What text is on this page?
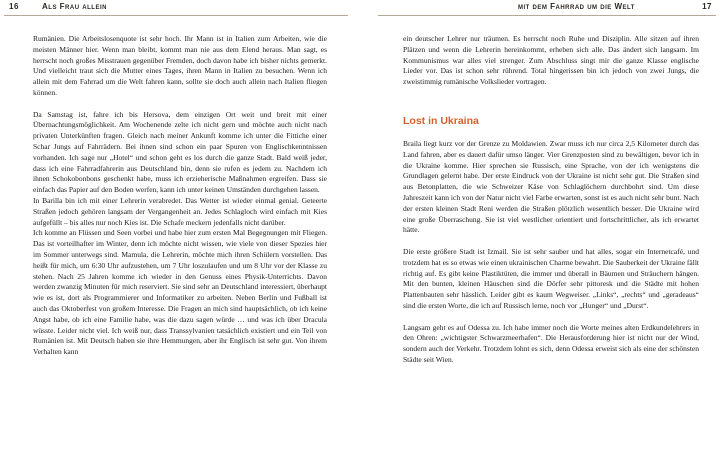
16	Als Frau allein	mit dem Fahrrad um die Welt	17

Rumänien. Die Arbeitslosenquote ist sehr hoch. Ihr Mann ist in Italien zum Arbeiten, wie die meisten Männer hier. Wenn man bleibt, kommt man nie aus dem Elend heraus. Man sagt, es herrscht noch großes Misstrauen gegenüber Fremden, doch davon habe ich bisher nichts gemerkt. Und vielleicht traut sich die Mutter eines Tages, ihren Mann in Italien zu besuchen. Wenn ich allein mit dem Fahrrad um die Welt fahren kann, sollte sie doch auch allein nach Italien fliegen können.

Da Samstag ist, fahre ich bis Hersova, dem einzigen Ort weit und breit mit einer Übernachtungsmöglichkeit. Am Wochenende zelte ich nicht gern und möchte auch nicht nach privaten Unterkünften fragen. Gleich nach meiner Ankunft komme ich unter die Fittiche einer Schar Jungs auf Fahrrädern. Bei ihnen sind schon ein paar Spuren von Englischkenntnissen vorhanden. Ich sage nur „Hotel“ und schon geht es los durch die ganze Stadt. Bald weiß jeder, dass ich eine Fahrradfahrerin aus Deutschland bin, denn sie rufen es jedem zu. Nachdem ich ihnen Schokobonbons geschenkt habe, muss ich erzieherische Maßnahmen ergreifen. Dass sie einfach das Papier auf den Boden werfen, kann ich unter keinen Umständen durchgehen lassen.

In Barilla bin ich mit einer Lehrerin verabredet. Das Wetter ist wieder einmal genial. Geteerte Straßen jedoch gehören langsam der Vergangenheit an. Jedes Schlagloch wird einfach mit Kies aufgefüllt – bis alles nur noch Kies ist. Die Schafe meckern jedenfalls nicht darüber.

Ich komme an Flüssen und Seen vorbei und habe hier zum ersten Mal Begegnungen mit Fliegen. Das ist vorteilhafter im Winter, denn ich möchte nicht wissen, wie viele von dieser Spezies hier im Sommer unterwegs sind. Mamula, die Lehrerin, möchte mich ihren Schülern vorstellen. Das heißt für mich, um 6:30 Uhr aufzustehen, um 7 Uhr loszulaufen und um 8 Uhr vor der Klasse zu stehen. Nach 25 Jahren komme ich wieder in den Genuss eines Physik-Unterrichts. Davon werden zwanzig Minuten für mich reserviert. Sie sind sehr an Deutschland interessiert, überhaupt wie es ist, dort als Programmierer und Informatiker zu arbeiten. Neben Berlin und Fußball ist auch das Oktoberfest von großem Interesse. Die Fragen an mich sind hauptsächlich, ob ich keine Angst habe, ob ich eine Familie habe, was die dazu sagen würde … und was ich über Dracula wüsste. Leider nicht viel. Ich weiß nur, dass Transsylvanien tatsächlich existiert und ein Teil von Rumänien ist. Mit Deutsch haben sie ihre Hemmungen, aber ihr Englisch ist sehr gut. Von ihrem Verhalten kann

ein deutscher Lehrer nur träumen. Es herrscht noch Ruhe und Disziplin. Alle sitzen auf ihren Plätzen und wenn die Lehrerin hereinkommt, erheben sich alle. Das ändert sich langsam. Im Kommunismus war alles viel strenger. Zum Abschluss singt mir die ganze Klasse englische Lieder vor. Das ist schon sehr rührend. Total hingerissen bin ich jedoch von zwei Jungs, die zweistimmig rumänische Volkslieder vortragen.

Lost in Ukraina

Braila liegt kurz vor der Grenze zu Moldawien. Zwar muss ich nur circa 2,5 Kilometer durch das Land fahren, aber es dauert dafür umso länger. Vier Grenzposten sind zu bewältigen, bevor ich in die Ukraine komme. Hier sprechen sie Russisch, eine Sprache, von der ich wenigstens die Grundlagen gelernt habe. Der erste Eindruck von der Ukraine ist nicht sehr gut. Die Straßen sind aus Betonplatten, die wie Schweizer Käse von Schlaglöchern durchbohrt sind. Um diese Jahreszeit kann ich von der Natur nicht viel Farbe erwarten, sonst ist es auch nicht sehr bunt. Nach der ersten kleinen Stadt Reni werden die Straßen plötzlich wesentlich besser. Die Ukraine wird eine große Überraschung. Sie ist viel westlicher orientiert und fortschrittlicher, als ich erwartet hätte.

Die erste größere Stadt ist Izmail. Sie ist sehr sauber und hat alles, sogar ein Internetcafé, und trotzdem hat es so etwas wie einen ukrainischen Charme bewahrt. Die Sauberkeit der Ukraine fällt richtig auf. Es gibt keine Plastiktüten, die immer und überall in Bäumen und Sträuchern hängen. Mit den bunten, kleinen Häuschen sind die Dörfer sehr pittoresk und die Städte mit hohen Plattenbauten sehr hässlich. Leider gibt es kaum Wegweiser. „Links“, „rechts“ und „geradeaus“ sind die ersten Worte, die ich auf Russisch lerne, noch vor „Hunger“ und „Durst“.

Langsam geht es auf Odessa zu. Ich habe immer noch die Worte meines alten Erdkundelehrers in den Ohren: „wichtigster Schwarzmeerhafen“. Die Herausforderung hier ist nicht nur der Wind, sondern auch der Verkehr. Trotzdem lohnt es sich, denn Odessa erweist sich als eine der schönsten Städte seit Wien.
